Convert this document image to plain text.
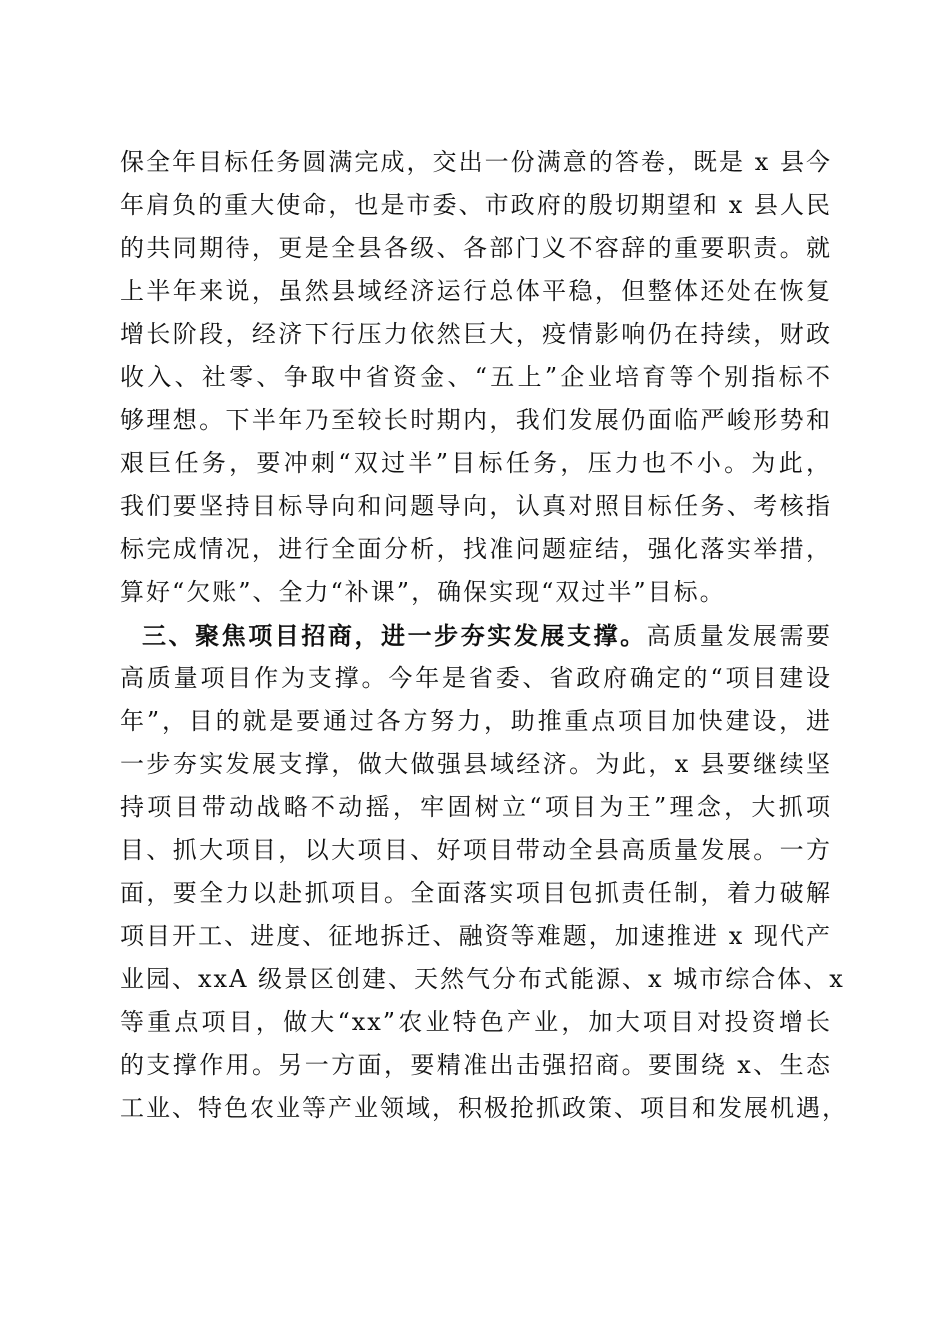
保全年目标任务圆满完成，交出一份满意的答卷，既是 x 县今
年肩负的重大使命，也是市委、市政府的殷切期望和 x 县人民
的共同期待，更是全县各级、各部门义不容辞的重要职责。就
上半年来说，虽然县域经济运行总体平稳，但整体还处在恢复
增长阶段，经济下行压力依然巨大，疫情影响仍在持续，财政
收入、社零、争取中省资金、“五上”企业培育等个别指标不
够理想。下半年乃至较长时期内，我们发展仍面临严峻形势和
艰巨任务，要冲刺“双过半”目标任务，压力也不小。为此，
我们要坚持目标导向和问题导向，认真对照目标任务、考核指
标完成情况，进行全面分析，找准问题症结，强化落实举措，
算好“欠账”、全力“补课”，确保实现“双过半”目标。
三、聚焦项目招商，进一步夯实发展支撑。高质量发展需要
高质量项目作为支撑。今年是省委、省政府确定的“项目建设
年”，目的就是要通过各方努力，助推重点项目加快建设，进
一步夯实发展支撑，做大做强县域经济。为此，x 县要继续坚
持项目带动战略不动摇，牢固树立“项目为王”理念，大抓项
目、抓大项目，以大项目、好项目带动全县高质量发展。一方
面，要全力以赴抓项目。全面落实项目包抓责任制，着力破解
项目开工、进度、征地拆迁、融资等难题，加速推进 x 现代产
业园、xxA 级景区创建、天然气分布式能源、x 城市综合体、x
等重点项目，做大“xx”农业特色产业，加大项目对投资增长
的支撑作用。另一方面，要精准出击强招商。要围绕 x、生态
工业、特色农业等产业领域，积极抢抓政策、项目和发展机遇，
